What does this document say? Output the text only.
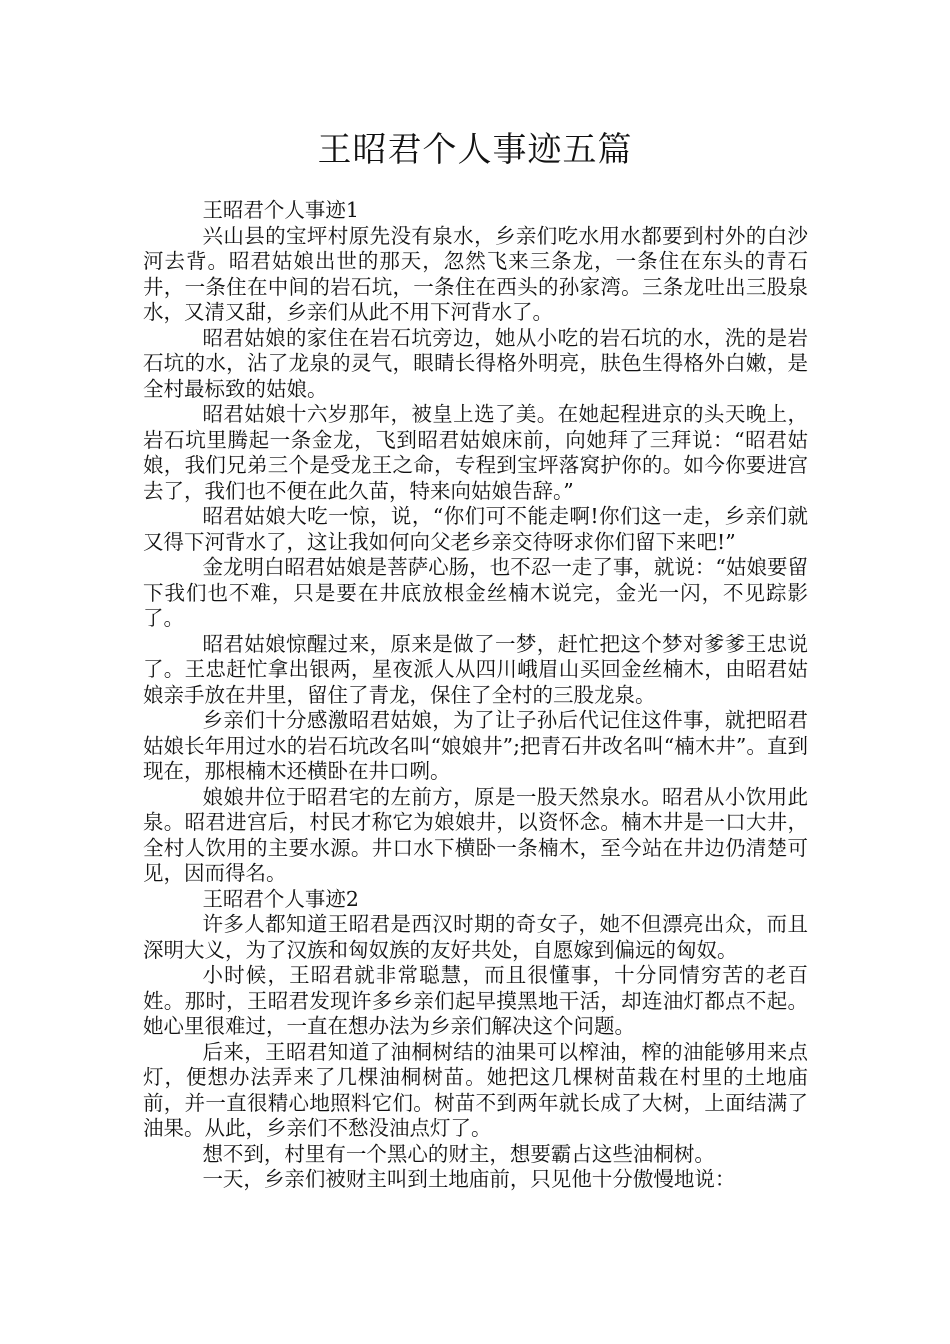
王昭君个人事迹五篇

王昭君个人事迹1

兴山县的宝坪村原先没有泉水，乡亲们吃水用水都要到村外的白沙河去背。昭君姑娘出世的那天，忽然飞来三条龙，一条住在东头的青石井，一条住在中间的岩石坑，一条住在西头的孙家湾。三条龙吐出三股泉水，又清又甜，乡亲们从此不用下河背水了。

昭君姑娘的家住在岩石坑旁边，她从小吃的岩石坑的水，洗的是岩石坑的水，沾了龙泉的灵气，眼睛长得格外明亮，肤色生得格外白嫩，是全村最标致的姑娘。

昭君姑娘十六岁那年，被皇上选了美。在她起程进京的头天晚上，岩石坑里腾起一条金龙，飞到昭君姑娘床前，向她拜了三拜说：“昭君姑娘，我们兄弟三个是受龙王之命，专程到宝坪落窝护你的。如今你要进宫去了，我们也不便在此久苗，特来向姑娘告辞。”

昭君姑娘大吃一惊，说，“你们可不能走啊!你们这一走，乡亲们就又得下河背水了，这让我如何向父老乡亲交待呀求你们留下来吧!”

金龙明白昭君姑娘是菩萨心肠，也不忍一走了事，就说：“姑娘要留下我们也不难，只是要在井底放根金丝楠木说完，金光一闪，不见踪影了。

昭君姑娘惊醒过来，原来是做了一梦，赶忙把这个梦对爹爹王忠说了。王忠赶忙拿出银两，星夜派人从四川峨眉山买回金丝楠木，由昭君姑娘亲手放在井里，留住了青龙，保住了全村的三股龙泉。

乡亲们十分感激昭君姑娘，为了让子孙后代记住这件事，就把昭君姑娘长年用过水的岩石坑改名叫“娘娘井”;把青石井改名叫“楠木井”。直到现在，那根楠木还横卧在井口咧。

娘娘井位于昭君宅的左前方，原是一股天然泉水。昭君从小饮用此泉。昭君进宫后，村民才称它为娘娘井，以资怀念。楠木井是一口大井，全村人饮用的主要水源。井口水下横卧一条楠木，至今站在井边仍清楚可见，因而得名。

王昭君个人事迹2

许多人都知道王昭君是西汉时期的奇女子，她不但漂亮出众，而且深明大义，为了汉族和匈奴族的友好共处，自愿嫁到偏远的匈奴。

小时候，王昭君就非常聪慧，而且很懂事，十分同情穷苦的老百姓。那时，王昭君发现许多乡亲们起早摸黑地干活，却连油灯都点不起。她心里很难过，一直在想办法为乡亲们解决这个问题。

后来，王昭君知道了油桐树结的油果可以榨油，榨的油能够用来点灯，便想办法弄来了几棵油桐树苗。她把这几棵树苗栽在村里的土地庙前，并一直很精心地照料它们。树苗不到两年就长成了大树，上面结满了油果。从此，乡亲们不愁没油点灯了。

想不到，村里有一个黑心的财主，想要霸占这些油桐树。

一天，乡亲们被财主叫到土地庙前，只见他十分傲慢地说：
